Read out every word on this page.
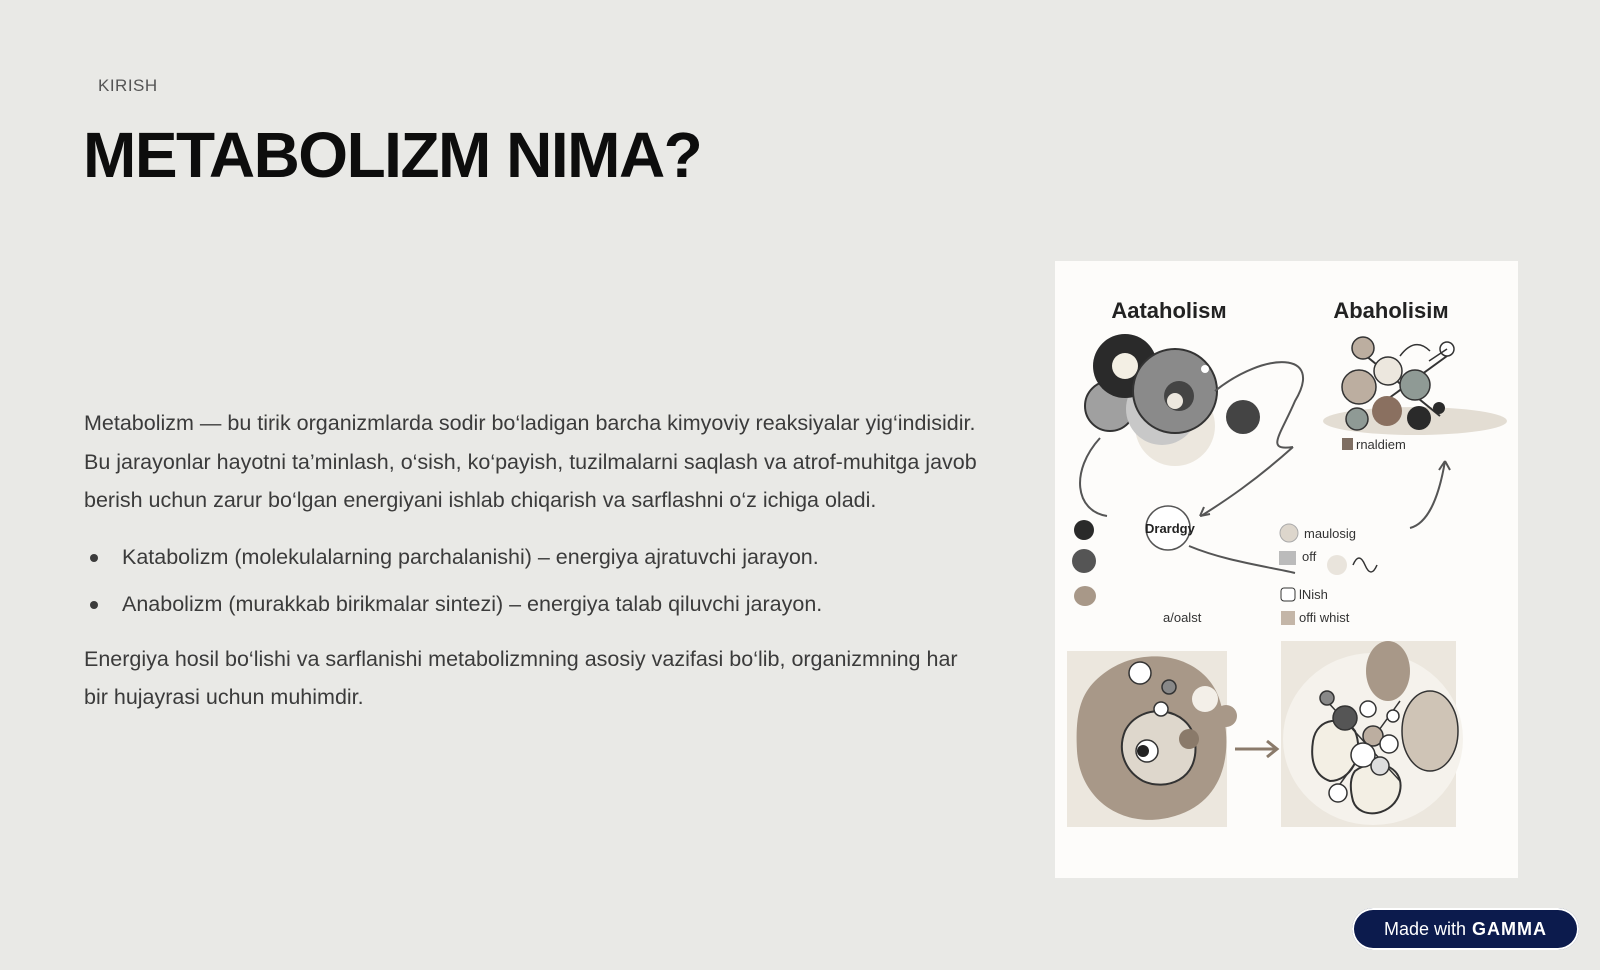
KIRISH
METABOLIZM NIMA?

Metabolizm — bu tirik organizmlarda sodir bo‘ladigan barcha kimyoviy reaksiyalar yig‘indisidir. Bu jarayonlar hayotni ta’minlash, o‘sish, ko‘payish, tuzilmalarni saqlash va atrof-muhitga javob berish uchun zarur bo‘lgan energiyani ishlab chiqarish va sarflashni o‘z ichiga oladi.

Katabolizm (molekulalarning parchalanishi) – energiya ajratuvchi jarayon.
Anabolizm (murakkab birikmalar sintezi) – energiya talab qiluvchi jarayon.

Energiya hosil bo‘lishi va sarflanishi metabolizmning asosiy vazifasi bo‘lib, organizmning har bir hujayrasi uchun muhimdir.

Aataholisм	Abaholisiм
Drardgy
rnaldiem
maulosig
off
lNish
offi whist
a/oalst
Made with GAMMA
